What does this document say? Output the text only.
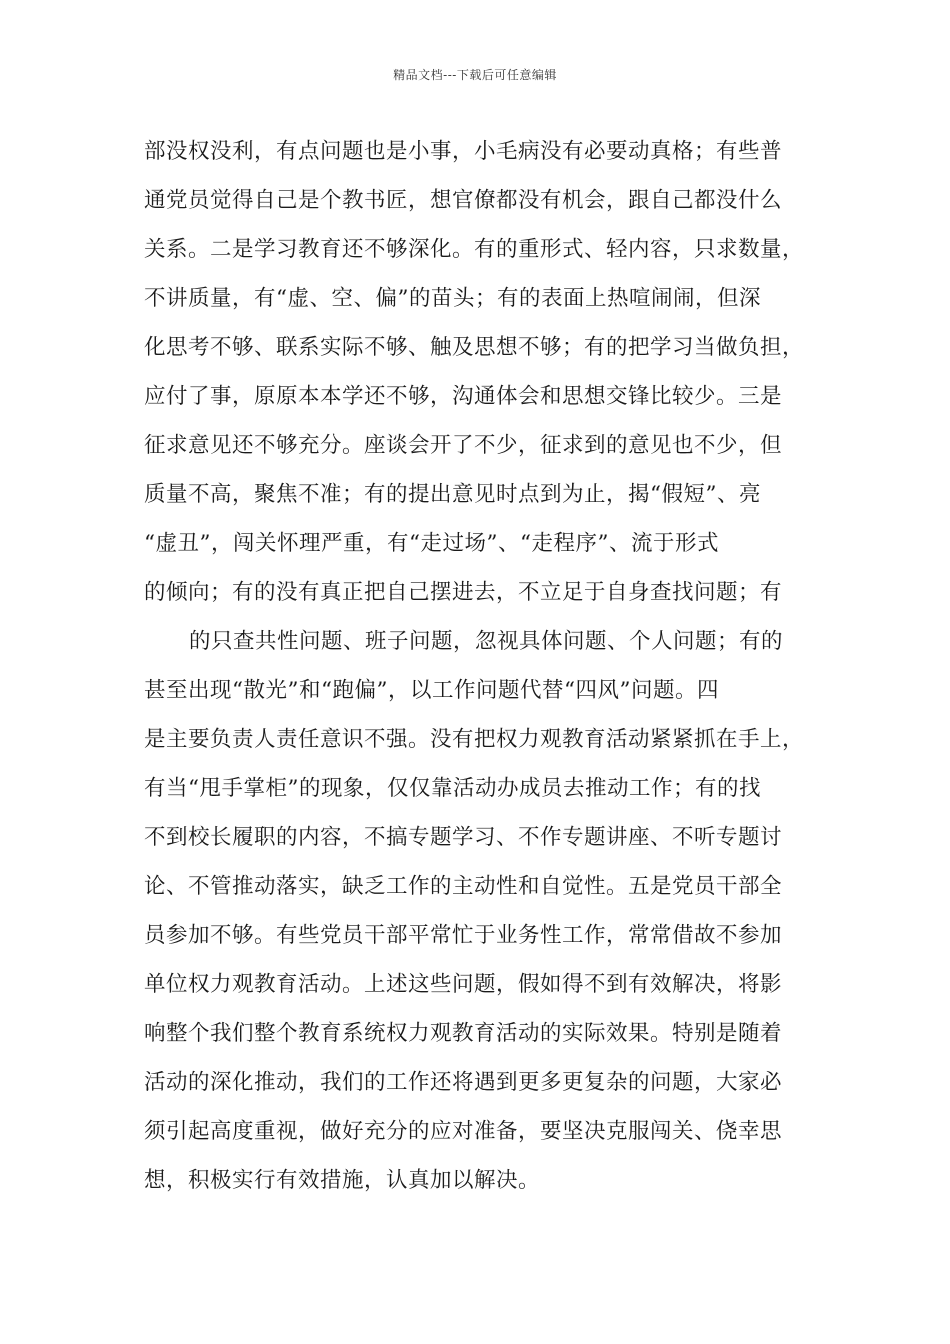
精品文档---下载后可任意编辑
部没权没利，有点问题也是小事，小毛病没有必要动真格；有些普
通党员觉得自己是个教书匠，想官僚都没有机会，跟自己都没什么
关系。二是学习教育还不够深化。有的重形式、轻内容，只求数量，
不讲质量，有“虚、空、偏”的苗头；有的表面上热喧闹闹，但深
化思考不够、联系实际不够、触及思想不够；有的把学习当做负担，
应付了事，原原本本学还不够，沟通体会和思想交锋比较少。三是
征求意见还不够充分。座谈会开了不少，征求到的意见也不少，但
质量不高，聚焦不准；有的提出意见时点到为止，揭“假短”、亮
“虚丑”，闯关怀理严重，有“走过场”、“走程序”、流于形式
的倾向；有的没有真正把自己摆进去，不立足于自身查找问题；有
的只查共性问题、班子问题，忽视具体问题、个人问题；有的
甚至出现“散光”和“跑偏”，以工作问题代替“四风”问题。四
是主要负责人责任意识不强。没有把权力观教育活动紧紧抓在手上，
有当“甩手掌柜”的现象，仅仅靠活动办成员去推动工作；有的找
不到校长履职的内容，不搞专题学习、不作专题讲座、不听专题讨
论、不管推动落实，缺乏工作的主动性和自觉性。五是党员干部全
员参加不够。有些党员干部平常忙于业务性工作，常常借故不参加
单位权力观教育活动。上述这些问题，假如得不到有效解决，将影
响整个我们整个教育系统权力观教育活动的实际效果。特别是随着
活动的深化推动，我们的工作还将遇到更多更复杂的问题，大家必
须引起高度重视，做好充分的应对准备，要坚决克服闯关、侥幸思
想，积极实行有效措施，认真加以解决。
